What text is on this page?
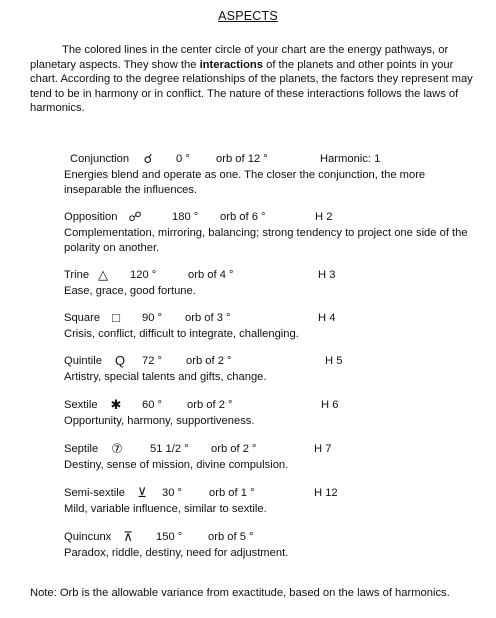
ASPECTS
The colored lines in the center circle of your chart are the energy pathways, or planetary aspects. They show the interactions of the planets and other points in your chart. According to the degree relationships of the planets, the factors they represent may tend to be in harmony or in conflict. The nature of these interactions follows the laws of harmonics.
Conjunction ☌ 0 ° orb of 12 °	Harmonic: 1
Energies blend and operate as one. The closer the conjunction, the more inseparable the influences.
Opposition ☍	180 ° orb of 6 °	H 2
Complementation, mirroring, balancing; strong tendency to project one side of the polarity on another.
Trine △ 120 °	orb of 4 °	H 3
Ease, grace, good fortune.
Square □ 90 ° orb of 3 °	H 4
Crisis, conflict, difficult to integrate, challenging.
Quintile Q 72 ° orb of 2 °	H 5
Artistry, special talents and gifts, change.
Sextile ✱ 60 ° orb of 2 °	H 6
Opportunity, harmony, supportiveness.
Septile ⑦ 51 1/2 ° orb of 2 °	H 7
Destiny, sense of mission, divine compulsion.
Semi-sextile ⊻ 30 ° orb of 1 °	H 12
Mild, variable influence, similar to sextile.
Quincunx ⊼ 150 ° orb of 5 °
Paradox, riddle, destiny, need for adjustment.
Note: Orb is the allowable variance from exactitude, based on the laws of harmonics.
